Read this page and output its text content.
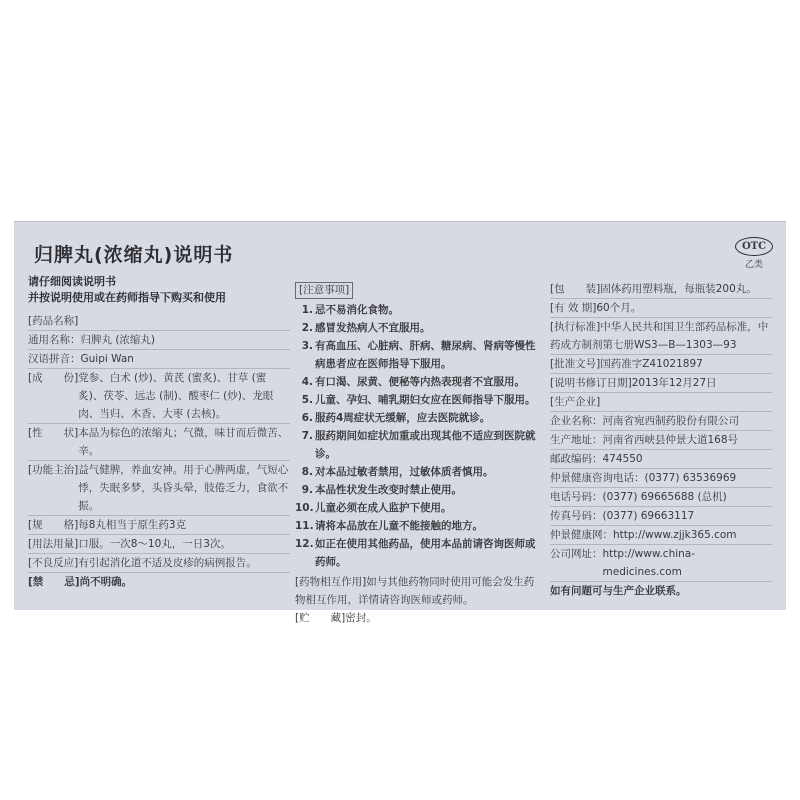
归脾丸(浓缩丸)说明书	OTC
乙类
请仔细阅读说明书
并按说明使用或在药师指导下购买和使用
[药品名称]
通用名称： 归脾丸 (浓缩丸)
汉语拼音： Guipi Wan
[成　　份] 党参、白术 (炒)、黄芪 (蜜炙)、甘草 (蜜炙)、茯苓、远志 (制)、酸枣仁 (炒)、龙眼肉、当归、木香、大枣 (去核)。
[性　　状] 本品为棕色的浓缩丸；气微，味甘而后微苦、辛。
[功能主治] 益气健脾，养血安神。用于心脾两虚，气短心悸，失眠多梦，头昏头晕，肢倦乏力，食欲不振。
[规　　格] 每8丸相当于原生药3克
[用法用量] 口服。一次8～10丸，一日3次。
[不良反应] 有引起消化道不适及皮疹的病例报告。
[禁　　忌] 尚不明确。
[注意事项]
1. 忌不易消化食物。
2. 感冒发热病人不宜服用。
3. 有高血压、心脏病、肝病、糖尿病、肾病等慢性病患者应在医师指导下服用。
4. 有口渴、尿黄、便秘等内热表现者不宜服用。
5. 儿童、孕妇、哺乳期妇女应在医师指导下服用。
6. 服药4周症状无缓解，应去医院就诊。
7. 服药期间如症状加重或出现其他不适应到医院就诊。
8. 对本品过敏者禁用，过敏体质者慎用。
9. 本品性状发生改变时禁止使用。
10. 儿童必须在成人监护下使用。
11. 请将本品放在儿童不能接触的地方。
12. 如正在使用其他药品，使用本品前请咨询医师或药师。
[药物相互作用]如与其他药物同时使用可能会发生药物相互作用，详情请咨询医师或药师。
[贮　　藏] 密封。
[包　　装] 固体药用塑料瓶，每瓶装200丸。
[有 效 期] 60个月。
[执行标准]中华人民共和国卫生部药品标准，中药成方制剂第七册WS3—B—1303—93
[批准文号] 国药准字Z41021897
[说明书修订日期] 2013年12月27日
[生产企业]
企业名称： 河南省宛西制药股份有限公司
生产地址： 河南省西峡县仲景大道168号
邮政编码： 474550
仲景健康咨询电话： (0377) 63536969
电话号码： (0377) 69665688 (总机)
传真号码： (0377) 69663117
仲景健康网： http://www.zjjk365.com
公司网址： http://www.china-medicines.com
如有问题可与生产企业联系。
